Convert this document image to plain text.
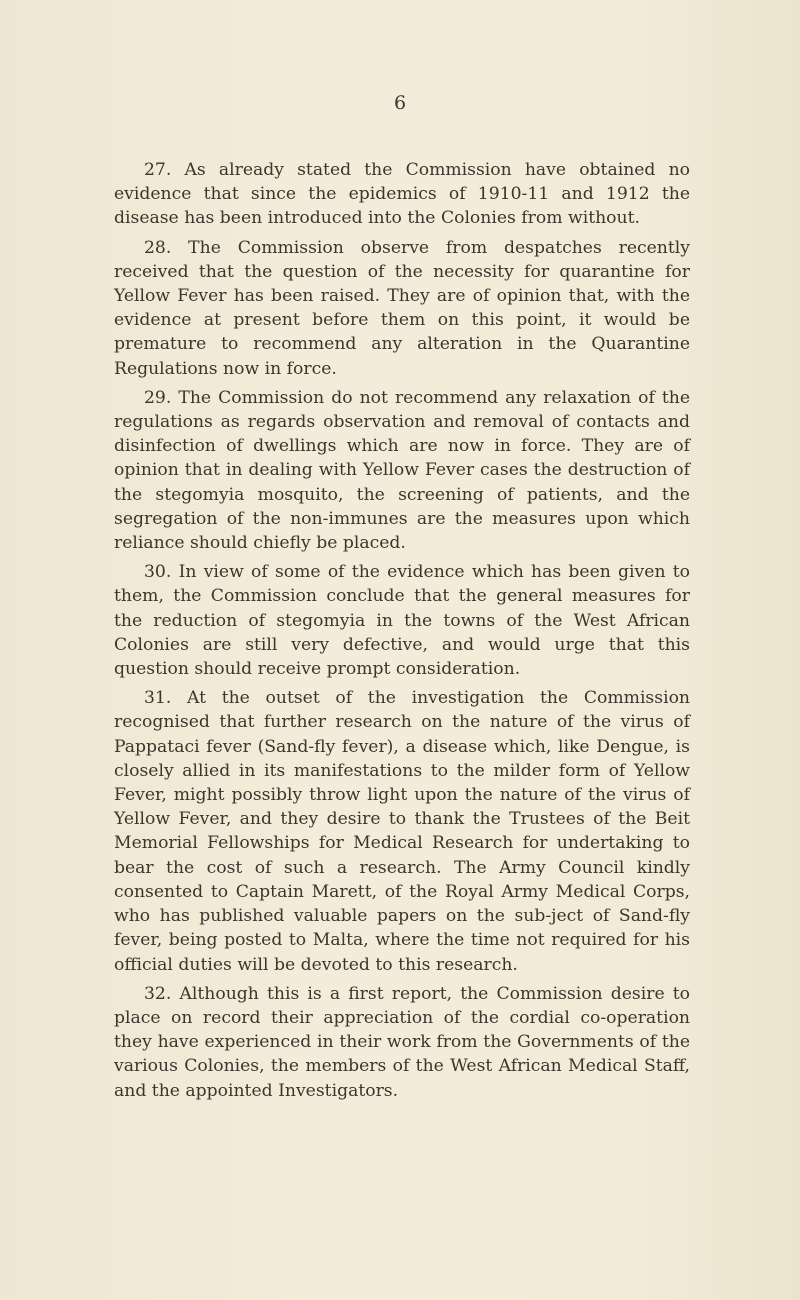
6

27. As already stated the Commission have obtained no evidence that since the epidemics of 1910-11 and 1912 the disease has been introduced into the Colonies from without.

28. The Commission observe from despatches recently received that the question of the necessity for quarantine for Yellow Fever has been raised. They are of opinion that, with the evidence at present before them on this point, it would be premature to recommend any alteration in the Quarantine Regulations now in force.

29. The Commission do not recommend any relaxation of the regulations as regards observation and removal of contacts and disinfection of dwellings which are now in force. They are of opinion that in dealing with Yellow Fever cases the destruction of the stegomyia mosquito, the screening of patients, and the segregation of the non-immunes are the measures upon which reliance should chiefly be placed.

30. In view of some of the evidence which has been given to them, the Commission conclude that the general measures for the reduction of stegomyia in the towns of the West African Colonies are still very defective, and would urge that this question should receive prompt consideration.

31. At the outset of the investigation the Commission recognised that further research on the nature of the virus of Pappataci fever (Sand-fly fever), a disease which, like Dengue, is closely allied in its manifestations to the milder form of Yellow Fever, might possibly throw light upon the nature of the virus of Yellow Fever, and they desire to thank the Trustees of the Beit Memorial Fellowships for Medical Research for undertaking to bear the cost of such a research. The Army Council kindly consented to Captain Marett, of the Royal Army Medical Corps, who has published valuable papers on the sub-ject of Sand-fly fever, being posted to Malta, where the time not required for his official duties will be devoted to this research.

32. Although this is a first report, the Commission desire to place on record their appreciation of the cordial co-operation they have experienced in their work from the Governments of the various Colonies, the members of the West African Medical Staff, and the appointed Investigators.
